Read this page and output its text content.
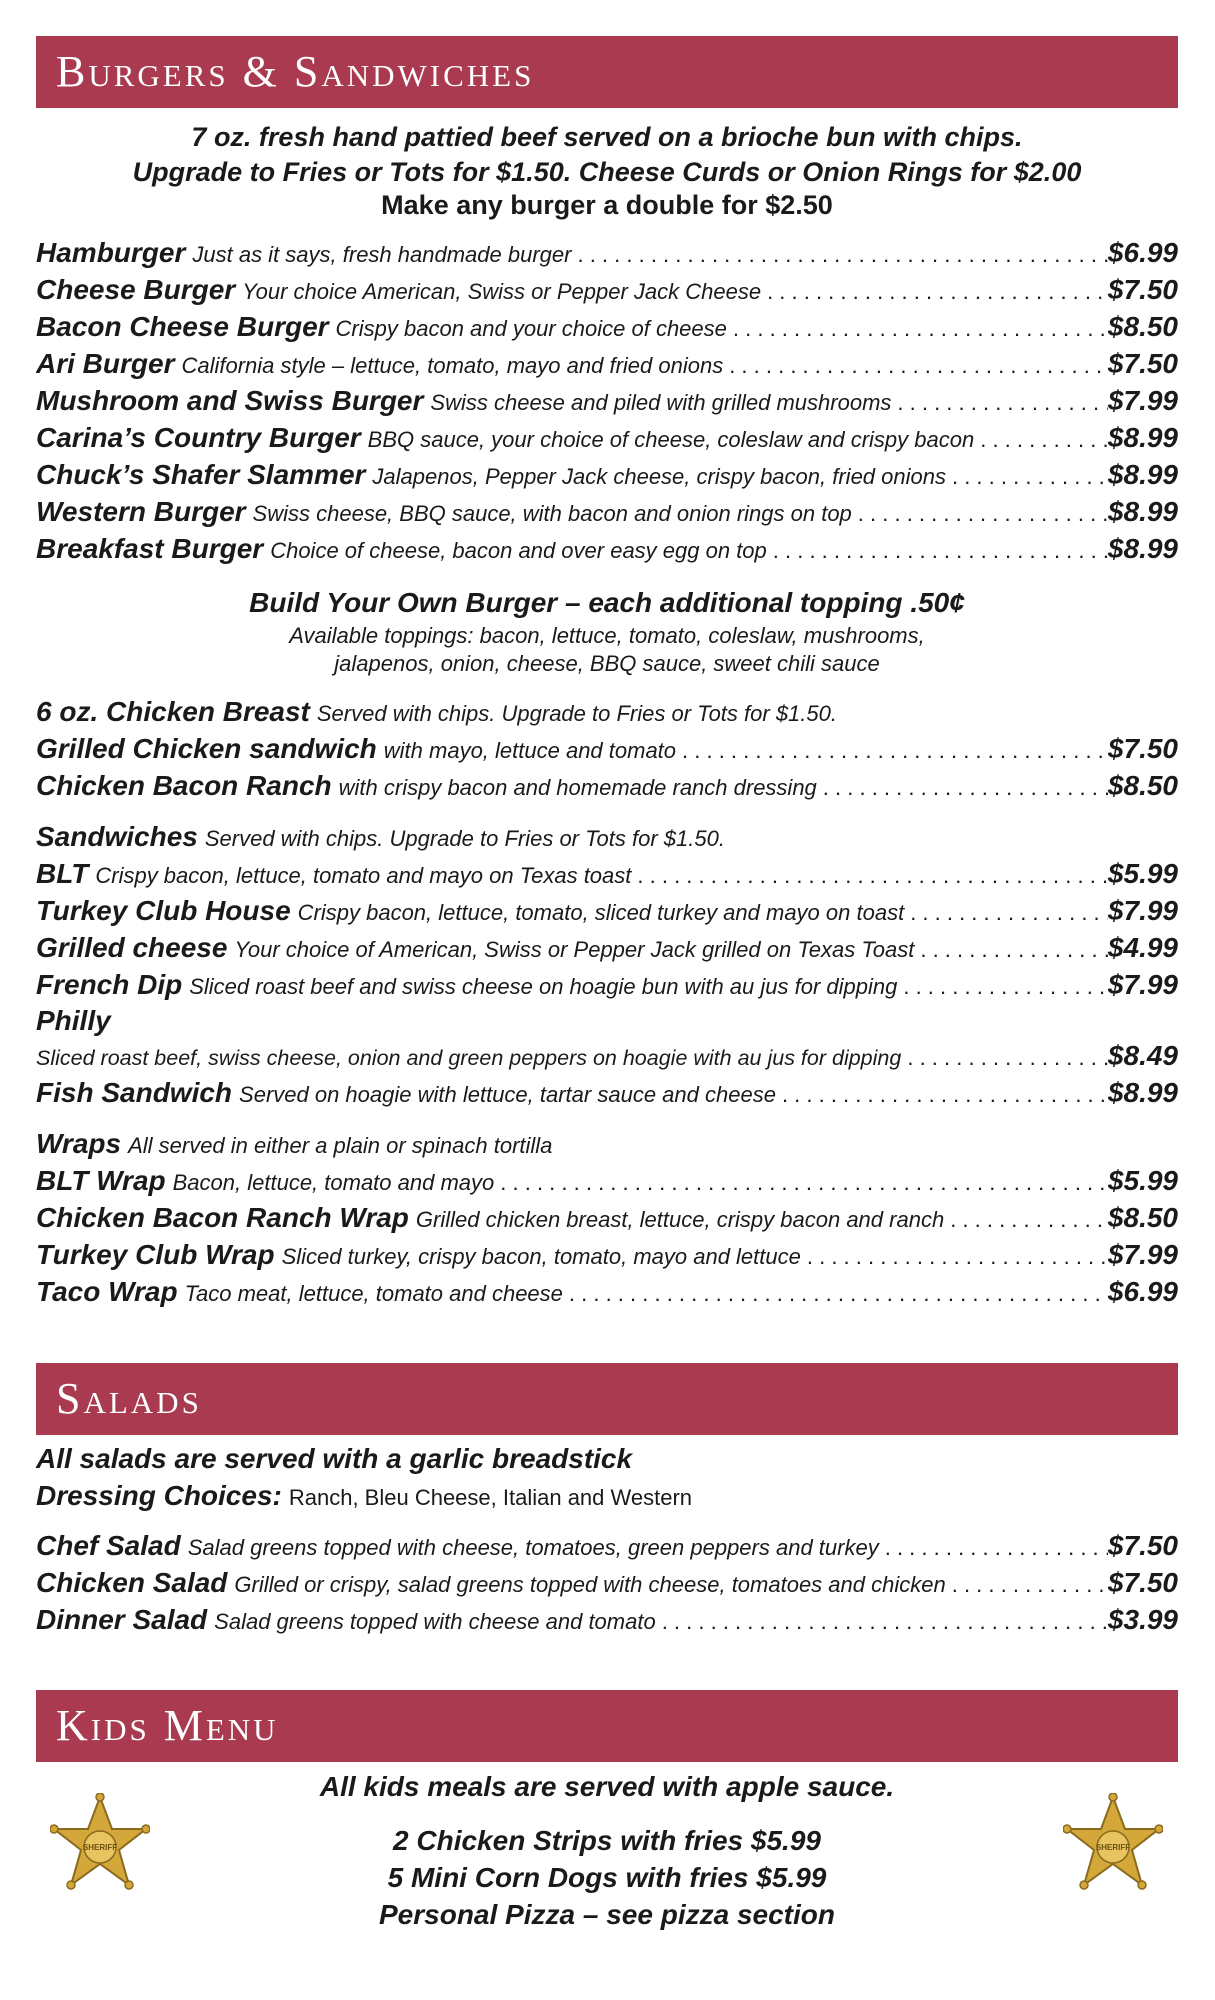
Burgers & Sandwiches
7 oz. fresh hand pattied beef served on a brioche bun with chips.
Upgrade to Fries or Tots for $1.50. Cheese Curds or Onion Rings for $2.00
Make any burger a double for $2.50
Hamburger Just as it says, fresh handmade burger . . .	$6.99
Cheese Burger Your choice American, Swiss or Pepper Jack Cheese . . .	$7.50
Bacon Cheese Burger Crispy bacon and your choice of cheese . . .	$8.50
Ari Burger California style – lettuce, tomato, mayo and fried onions . . .	$7.50
Mushroom and Swiss Burger Swiss cheese and piled with grilled mushrooms . . .	$7.99
Carina’s Country Burger BBQ sauce, your choice of cheese, coleslaw and crispy bacon . . .	$8.99
Chuck’s Shafer Slammer Jalapenos, Pepper Jack cheese, crispy bacon, fried onions . . .	$8.99
Western Burger Swiss cheese, BBQ sauce, with bacon and onion rings on top . . .	$8.99
Breakfast Burger Choice of cheese, bacon and over easy egg on top . . .	$8.99
Build Your Own Burger – each additional topping .50¢
Available toppings: bacon, lettuce, tomato, coleslaw, mushrooms,
jalapenos, onion, cheese, BBQ sauce, sweet chili sauce
6 oz. Chicken Breast Served with chips. Upgrade to Fries or Tots for $1.50.
Grilled Chicken sandwich with mayo, lettuce and tomato . . .	$7.50
Chicken Bacon Ranch with crispy bacon and homemade ranch dressing . . .	$8.50
Sandwiches Served with chips. Upgrade to Fries or Tots for $1.50.
BLT Crispy bacon, lettuce, tomato and mayo on Texas toast . . .	$5.99
Turkey Club House Crispy bacon, lettuce, tomato, sliced turkey and mayo on toast . . .	$7.99
Grilled cheese Your choice of American, Swiss or Pepper Jack grilled on Texas Toast . . .	$4.99
French Dip Sliced roast beef and swiss cheese on hoagie bun with au jus for dipping . . .	$7.99
Philly
Sliced roast beef, swiss cheese, onion and green peppers on hoagie with au jus for dipping . . .	$8.49
Fish Sandwich Served on hoagie with lettuce, tartar sauce and cheese . . .	$8.99
Wraps All served in either a plain or spinach tortilla
BLT Wrap Bacon, lettuce, tomato and mayo . . .	$5.99
Chicken Bacon Ranch Wrap Grilled chicken breast, lettuce, crispy bacon and ranch . . .	$8.50
Turkey Club Wrap Sliced turkey, crispy bacon, tomato, mayo and lettuce . . .	$7.99
Taco Wrap Taco meat, lettuce, tomato and cheese . . .	$6.99
Salads
All salads are served with a garlic breadstick
Dressing Choices: Ranch, Bleu Cheese, Italian and Western
Chef Salad Salad greens topped with cheese, tomatoes, green peppers and turkey . . .	$7.50
Chicken Salad Grilled or crispy, salad greens topped with cheese, tomatoes and chicken . . .	$7.50
Dinner Salad Salad greens topped with cheese and tomato . . .	$3.99
Kids Menu
All kids meals are served with apple sauce.
2 Chicken Strips with fries $5.99
5 Mini Corn Dogs with fries $5.99
Personal Pizza – see pizza section
SHERIFF	SHERIFF
